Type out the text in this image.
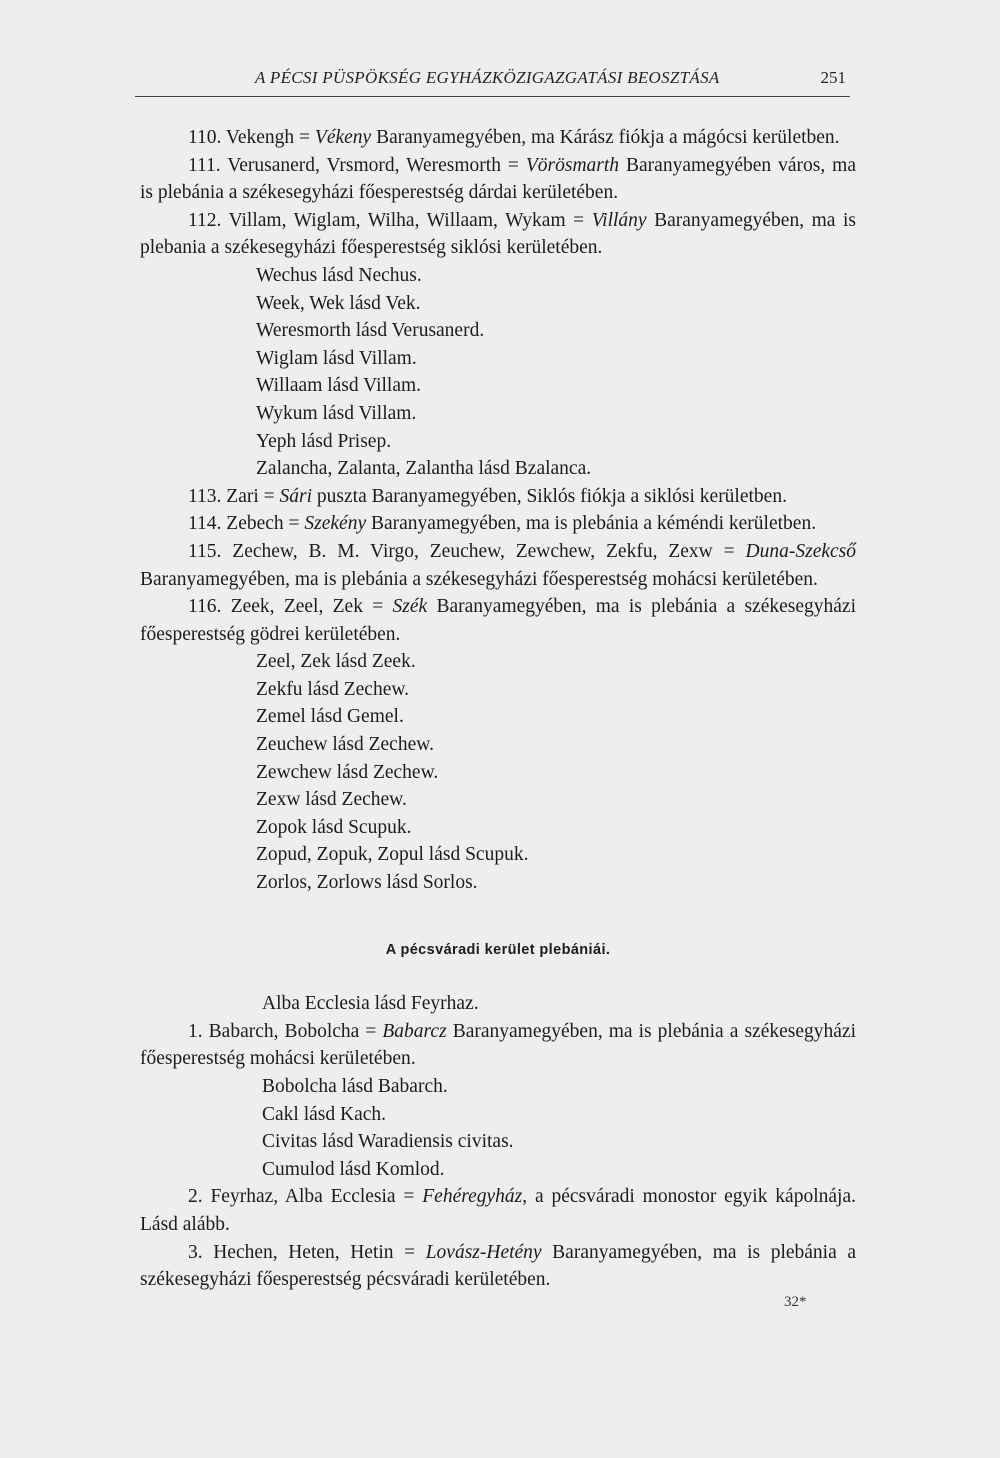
A PÉCSI PÜSPÖKSÉG EGYHÁZKÖZIGAZGATÁSI BEOSZTÁSA	251

110. Vekengh = Vékeny Baranyamegyében, ma Kárász fiókja a mágócsi kerületben.

111. Verusanerd, Vrsmord, Weresmorth = Vörösmarth Baranyamegyében város, ma is plebánia a székesegyházi főesperestség dárdai kerületében.

112. Villam, Wiglam, Wilha, Willaam, Wykam = Villány Baranyamegyében, ma is plebania a székesegyházi főesperestség siklósi kerületében.

Wechus lásd Nechus.
Week, Wek lásd Vek.
Weresmorth lásd Verusanerd.
Wiglam lásd Villam.
Willaam lásd Villam.
Wykum lásd Villam.
Yeph lásd Prisep.
Zalancha, Zalanta, Zalantha lásd Bzalanca.

113. Zari = Sári puszta Baranyamegyében, Siklós fiókja a siklósi kerületben.

114. Zebech = Szekény Baranyamegyében, ma is plebánia a kéméndi kerületben.

115. Zechew, B. M. Virgo, Zeuchew, Zewchew, Zekfu, Zexw = Duna-Szekcső Baranyamegyében, ma is plebánia a székesegyházi főesperestség mohácsi kerületében.

116. Zeek, Zeel, Zek = Szék Baranyamegyében, ma is plebánia a székesegyházi főesperestség gödrei kerületében.

Zeel, Zek lásd Zeek.
Zekfu lásd Zechew.
Zemel lásd Gemel.
Zeuchew lásd Zechew.
Zewchew lásd Zechew.
Zexw lásd Zechew.
Zopok lásd Scupuk.
Zopud, Zopuk, Zopul lásd Scupuk.
Zorlos, Zorlows lásd Sorlos.
A pécsváradi kerület plebániái.
Alba Ecclesia lásd Feyrhaz.

1. Babarch, Bobolcha = Babarcz Baranyamegyében, ma is plebánia a székesegyházi főesperestség mohácsi kerületében.

Bobolcha lásd Babarch.
Cakl lásd Kach.
Civitas lásd Waradiensis civitas.
Cumulod lásd Komlod.

2. Feyrhaz, Alba Ecclesia = Fehéregyház, a pécsváradi monostor egyik kápolnája. Lásd alább.

3. Hechen, Heten, Hetin = Lovász-Hetény Baranyamegyében, ma is plebánia a székesegyházi főesperestség pécsváradi kerületében.

32*
